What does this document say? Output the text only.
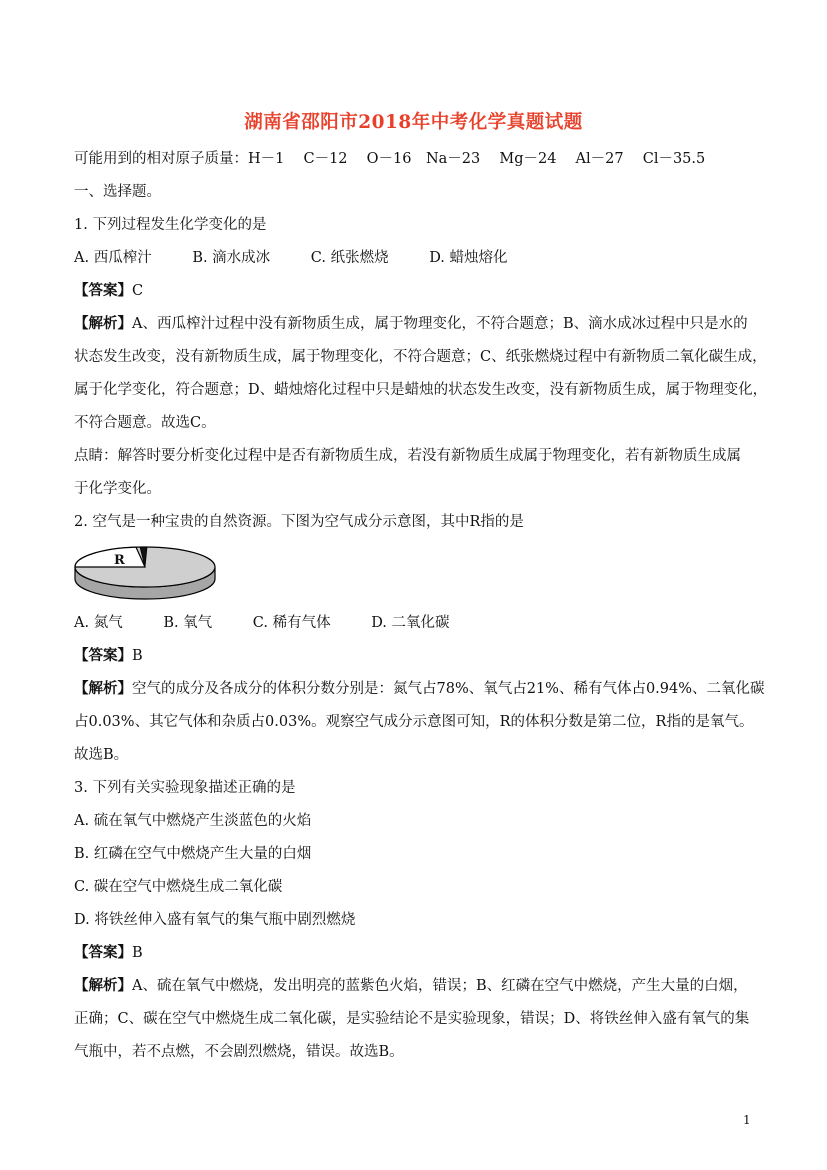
湖南省邵阳市2018年中考化学真题试题
可能用到的相对原子质量：H－1　 C－12　 O－16　Na－23　 Mg－24　 Al－27　 Cl－35.5
一、选择题。
1. 下列过程发生化学变化的是
A. 西瓜榨汁	B. 滴水成冰	C. 纸张燃烧	D. 蜡烛熔化
【答案】C
【解析】A、西瓜榨汁过程中没有新物质生成，属于物理变化，不符合题意；B、滴水成冰过程中只是水的
状态发生改变，没有新物质生成，属于物理变化，不符合题意；C、纸张燃烧过程中有新物质二氧化碳生成，
属于化学变化，符合题意；D、蜡烛熔化过程中只是蜡烛的状态发生改变，没有新物质生成，属于物理变化，
不符合题意。故选C。
点睛：解答时要分析变化过程中是否有新物质生成，若没有新物质生成属于物理变化，若有新物质生成属
于化学变化。
2. 空气是一种宝贵的自然资源。下图为空气成分示意图，其中R指的是
R
A. 氮气	B. 氧气	C. 稀有气体	D. 二氧化碳
【答案】B
【解析】空气的成分及各成分的体积分数分别是：氮气占78%、氧气占21%、稀有气体占0.94%、二氧化碳
占0.03%、其它气体和杂质占0.03%。观察空气成分示意图可知，R的体积分数是第二位，R指的是氧气。
故选B。
3. 下列有关实验现象描述正确的是
A. 硫在氧气中燃烧产生淡蓝色的火焰
B. 红磷在空气中燃烧产生大量的白烟
C. 碳在空气中燃烧生成二氧化碳
D. 将铁丝伸入盛有氧气的集气瓶中剧烈燃烧
【答案】B
【解析】A、硫在氧气中燃烧，发出明亮的蓝紫色火焰，错误；B、红磷在空气中燃烧，产生大量的白烟，
正确；C、碳在空气中燃烧生成二氧化碳，是实验结论不是实验现象，错误；D、将铁丝伸入盛有氧气的集
气瓶中，若不点燃，不会剧烈燃烧，错误。故选B。
1
